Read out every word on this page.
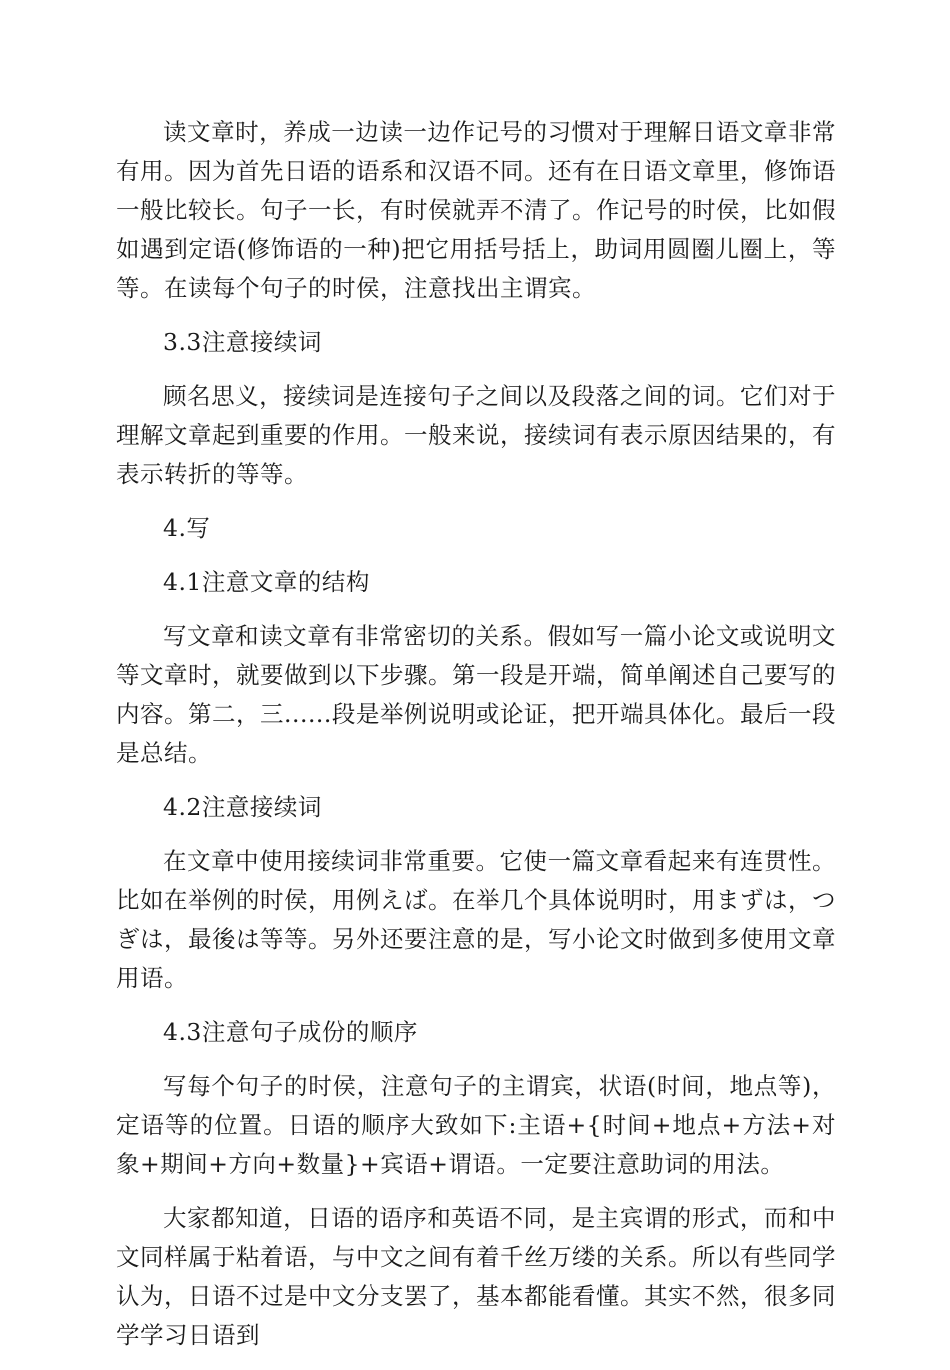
读文章时，养成一边读一边作记号的习惯对于理解日语文章非常有用。因为首先日语的语系和汉语不同。还有在日语文章里，修饰语一般比较长。句子一长，有时侯就弄不清了。作记号的时侯，比如假如遇到定语(修饰语的一种)把它用括号括上，助词用圆圈儿圈上，等等。在读每个句子的时侯，注意找出主谓宾。

3.3注意接续词

顾名思义，接续词是连接句子之间以及段落之间的词。它们对于理解文章起到重要的作用。一般来说，接续词有表示原因结果的，有表示转折的等等。

4.写

4.1注意文章的结构

写文章和读文章有非常密切的关系。假如写一篇小论文或说明文等文章时，就要做到以下步骤。第一段是开端，简单阐述自己要写的内容。第二，三......段是举例说明或论证，把开端具体化。最后一段是总结。

4.2注意接续词

在文章中使用接续词非常重要。它使一篇文章看起来有连贯性。比如在举例的时侯，用例えば。在举几个具体说明时，用まずは，つぎは，最後は等等。另外还要注意的是，写小论文时做到多使用文章用语。

4.3注意句子成份的顺序

写每个句子的时侯，注意句子的主谓宾，状语(时间，地点等)，定语等的位置。日语的顺序大致如下:主语+{时间+地点+方法+对象+期间+方向+数量}+宾语+谓语。一定要注意助词的用法。

大家都知道，日语的语序和英语不同，是主宾谓的形式，而和中文同样属于粘着语，与中文之间有着千丝万缕的关系。所以有些同学认为，日语不过是中文分支罢了，基本都能看懂。其实不然，很多同学学习日语到
